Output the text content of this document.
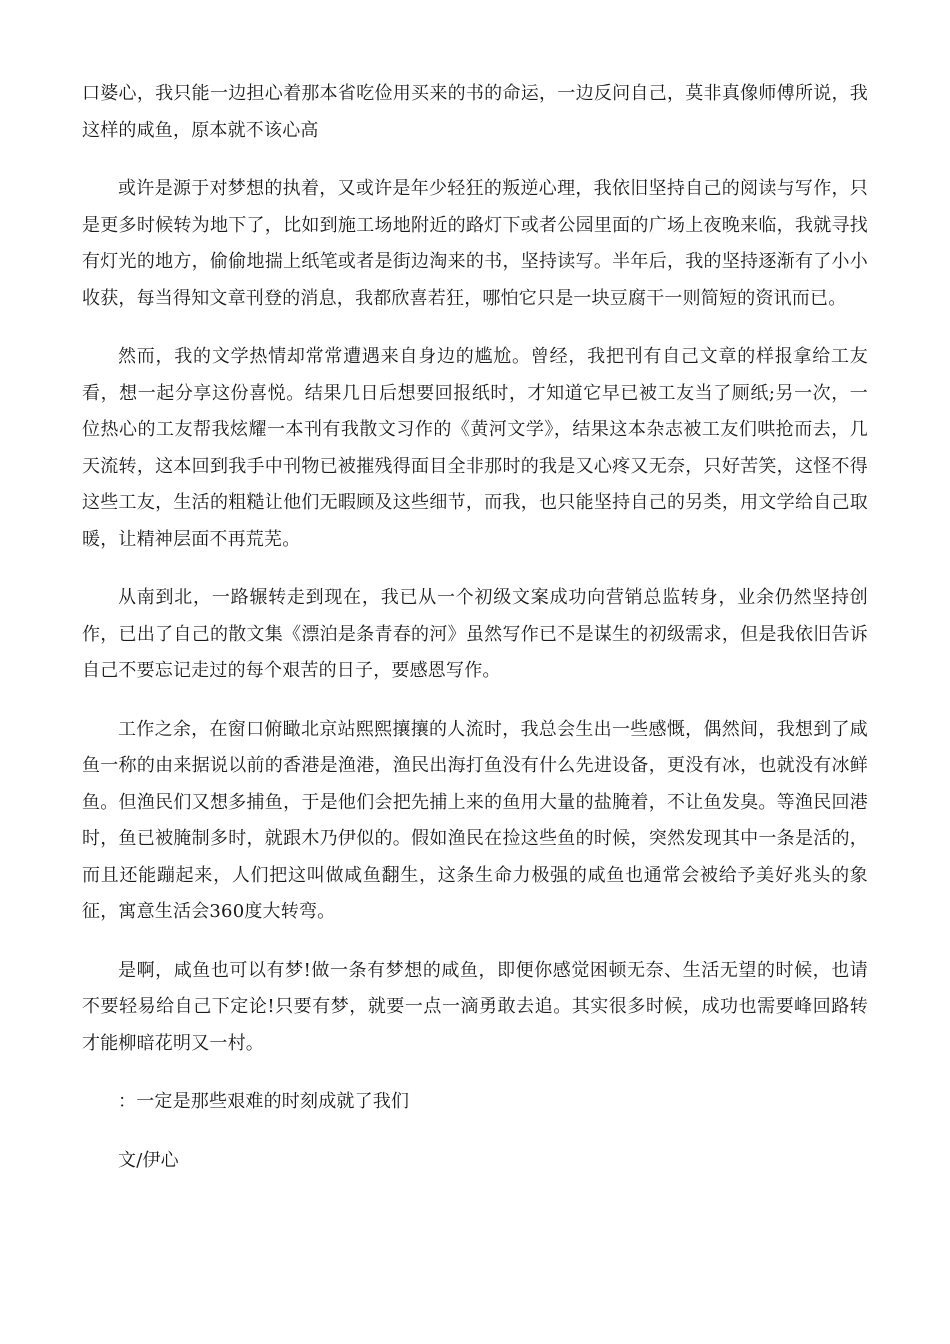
口婆心，我只能一边担心着那本省吃俭用买来的书的命运，一边反问自己，莫非真像师傅所说，我这样的咸鱼，原本就不该心高

或许是源于对梦想的执着，又或许是年少轻狂的叛逆心理，我依旧坚持自己的阅读与写作，只是更多时候转为地下了，比如到施工场地附近的路灯下或者公园里面的广场上夜晚来临，我就寻找有灯光的地方，偷偷地揣上纸笔或者是街边淘来的书，坚持读写。半年后，我的坚持逐渐有了小小收获，每当得知文章刊登的消息，我都欣喜若狂，哪怕它只是一块豆腐干一则简短的资讯而已。

然而，我的文学热情却常常遭遇来自身边的尴尬。曾经，我把刊有自己文章的样报拿给工友看，想一起分享这份喜悦。结果几日后想要回报纸时，才知道它早已被工友当了厕纸;另一次，一位热心的工友帮我炫耀一本刊有我散文习作的《黄河文学》，结果这本杂志被工友们哄抢而去，几天流转，这本回到我手中刊物已被摧残得面目全非那时的我是又心疼又无奈，只好苦笑，这怪不得这些工友，生活的粗糙让他们无暇顾及这些细节，而我，也只能坚持自己的另类，用文学给自己取暖，让精神层面不再荒芜。

从南到北，一路辗转走到现在，我已从一个初级文案成功向营销总监转身，业余仍然坚持创作，已出了自己的散文集《漂泊是条青春的河》虽然写作已不是谋生的初级需求，但是我依旧告诉自己不要忘记走过的每个艰苦的日子，要感恩写作。

工作之余，在窗口俯瞰北京站熙熙攘攘的人流时，我总会生出一些感慨，偶然间，我想到了咸鱼一称的由来据说以前的香港是渔港，渔民出海打鱼没有什么先进设备，更没有冰，也就没有冰鲜鱼。但渔民们又想多捕鱼，于是他们会把先捕上来的鱼用大量的盐腌着，不让鱼发臭。等渔民回港时，鱼已被腌制多时，就跟木乃伊似的。假如渔民在捡这些鱼的时候，突然发现其中一条是活的，而且还能蹦起来，人们把这叫做咸鱼翻生，这条生命力极强的咸鱼也通常会被给予美好兆头的象征，寓意生活会360度大转弯。

是啊，咸鱼也可以有梦!做一条有梦想的咸鱼，即便你感觉困顿无奈、生活无望的时候，也请不要轻易给自己下定论!只要有梦，就要一点一滴勇敢去追。其实很多时候，成功也需要峰回路转才能柳暗花明又一村。

：一定是那些艰难的时刻成就了我们

文/伊心
